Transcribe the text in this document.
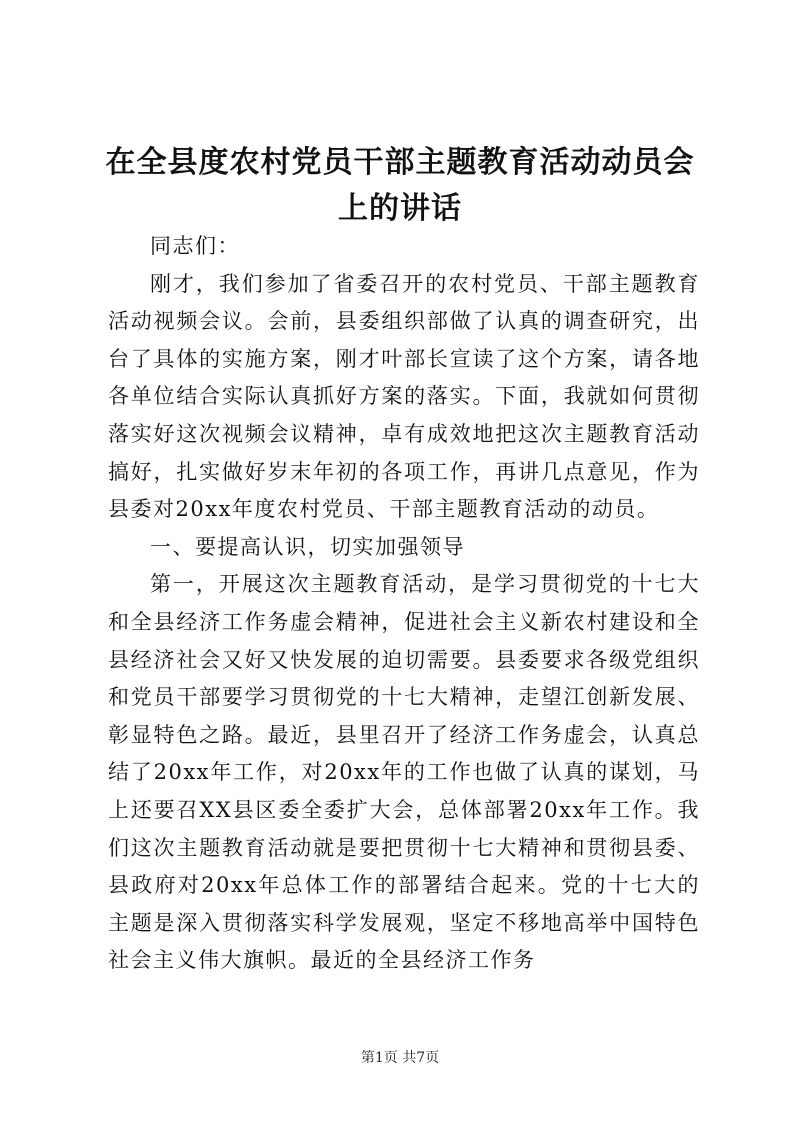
在全县度农村党员干部主题教育活动动员会上的讲话

同志们：

刚才，我们参加了省委召开的农村党员、干部主题教育活动视频会议。会前，县委组织部做了认真的调查研究，出台了具体的实施方案，刚才叶部长宣读了这个方案，请各地各单位结合实际认真抓好方案的落实。下面，我就如何贯彻落实好这次视频会议精神，卓有成效地把这次主题教育活动搞好，扎实做好岁末年初的各项工作，再讲几点意见，作为县委对20xx年度农村党员、干部主题教育活动的动员。

一、要提高认识，切实加强领导

第一，开展这次主题教育活动，是学习贯彻党的十七大和全县经济工作务虚会精神，促进社会主义新农村建设和全县经济社会又好又快发展的迫切需要。县委要求各级党组织和党员干部要学习贯彻党的十七大精神，走望江创新发展、彰显特色之路。最近，县里召开了经济工作务虚会，认真总结了20xx年工作，对20xx年的工作也做了认真的谋划，马上还要召XX县区委全委扩大会，总体部署20xx年工作。我们这次主题教育活动就是要把贯彻十七大精神和贯彻县委、县政府对20xx年总体工作的部署结合起来。党的十七大的主题是深入贯彻落实科学发展观，坚定不移地高举中国特色社会主义伟大旗帜。最近的全县经济工作务

第1页 共7页
